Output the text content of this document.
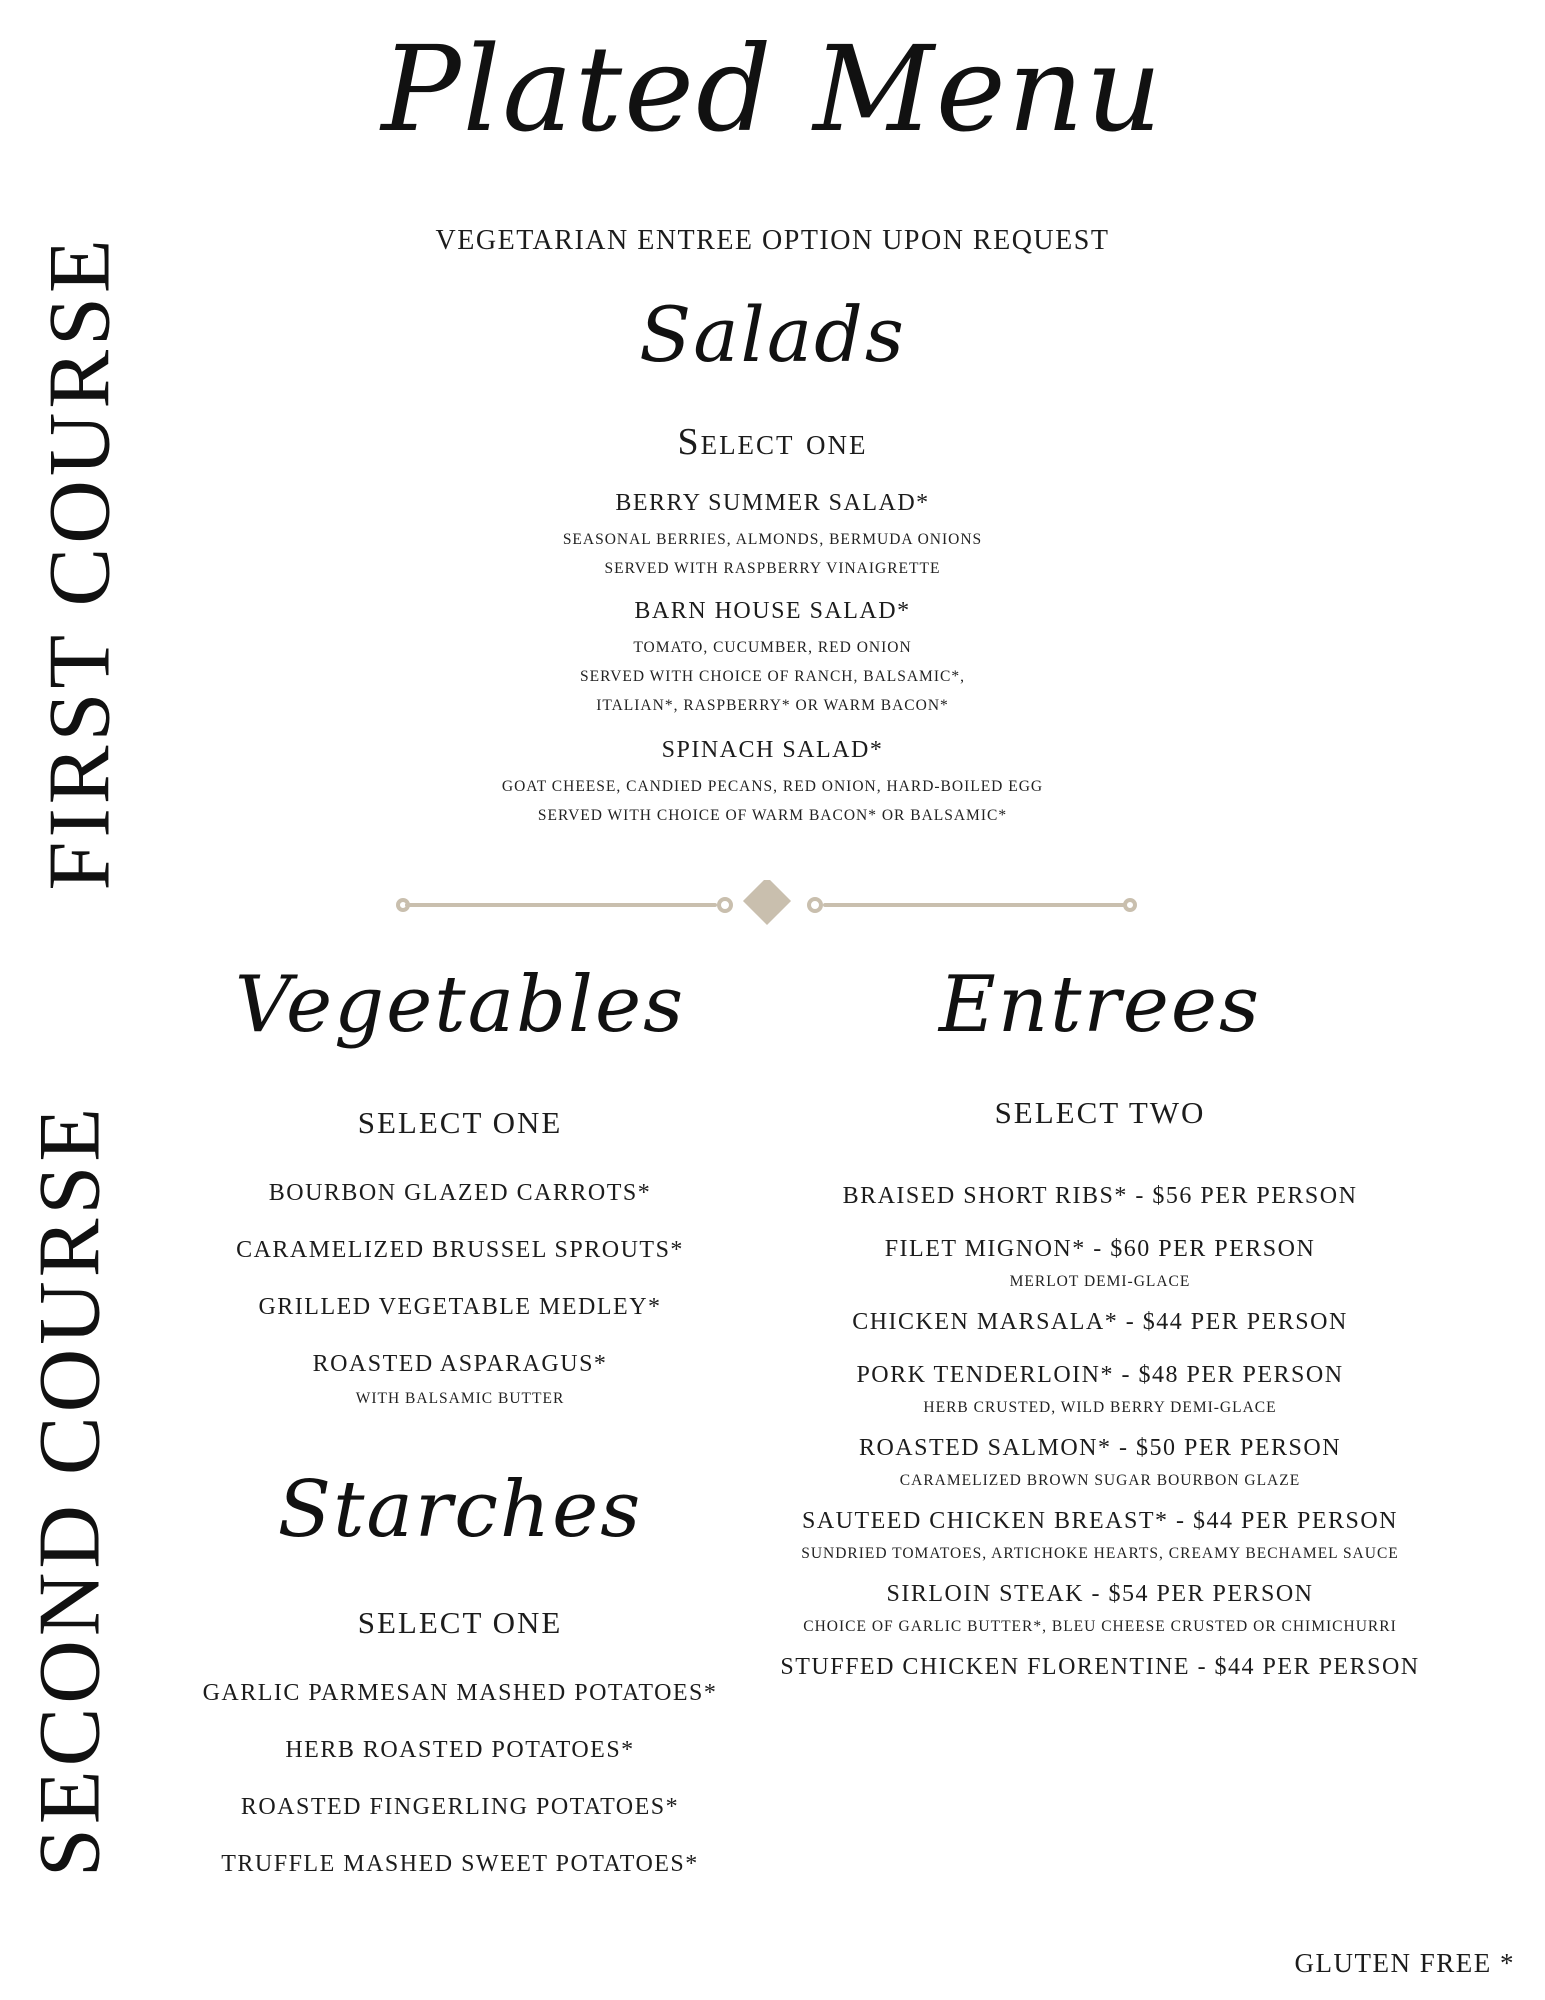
Plated Menu
VEGETARIAN ENTREE OPTION UPON REQUEST
FIRST COURSE
SECOND COURSE
Salads
Select one
BERRY SUMMER SALAD*
SEASONAL BERRIES, ALMONDS, BERMUDA ONIONS
SERVED WITH RASPBERRY VINAIGRETTE
BARN HOUSE SALAD*
TOMATO, CUCUMBER, RED ONION
SERVED WITH CHOICE OF RANCH, BALSAMIC*,
ITALIAN*, RASPBERRY* OR WARM BACON*
SPINACH SALAD*
GOAT CHEESE, CANDIED PECANS, RED ONION, HARD-BOILED EGG
SERVED WITH CHOICE OF WARM BACON* OR BALSAMIC*
Vegetables
SELECT ONE
BOURBON GLAZED CARROTS*
CARAMELIZED BRUSSEL SPROUTS*
GRILLED VEGETABLE MEDLEY*
ROASTED ASPARAGUS*
WITH BALSAMIC BUTTER
Starches
SELECT ONE
GARLIC PARMESAN MASHED POTATOES*
HERB ROASTED POTATOES*
ROASTED FINGERLING POTATOES*
TRUFFLE MASHED SWEET POTATOES*
Entrees
SELECT TWO
BRAISED SHORT RIBS* - $56 PER PERSON
FILET MIGNON* - $60 PER PERSON
MERLOT DEMI-GLACE
CHICKEN MARSALA* - $44 PER PERSON
PORK TENDERLOIN* - $48 PER PERSON
HERB CRUSTED, WILD BERRY DEMI-GLACE
ROASTED SALMON* - $50 PER PERSON
CARAMELIZED BROWN SUGAR BOURBON GLAZE
SAUTEED CHICKEN BREAST* - $44 PER PERSON
SUNDRIED TOMATOES, ARTICHOKE HEARTS, CREAMY BECHAMEL SAUCE
SIRLOIN STEAK - $54 PER PERSON
CHOICE OF GARLIC BUTTER*, BLEU CHEESE CRUSTED OR CHIMICHURRI
STUFFED CHICKEN FLORENTINE - $44 PER PERSON
GLUTEN FREE *
